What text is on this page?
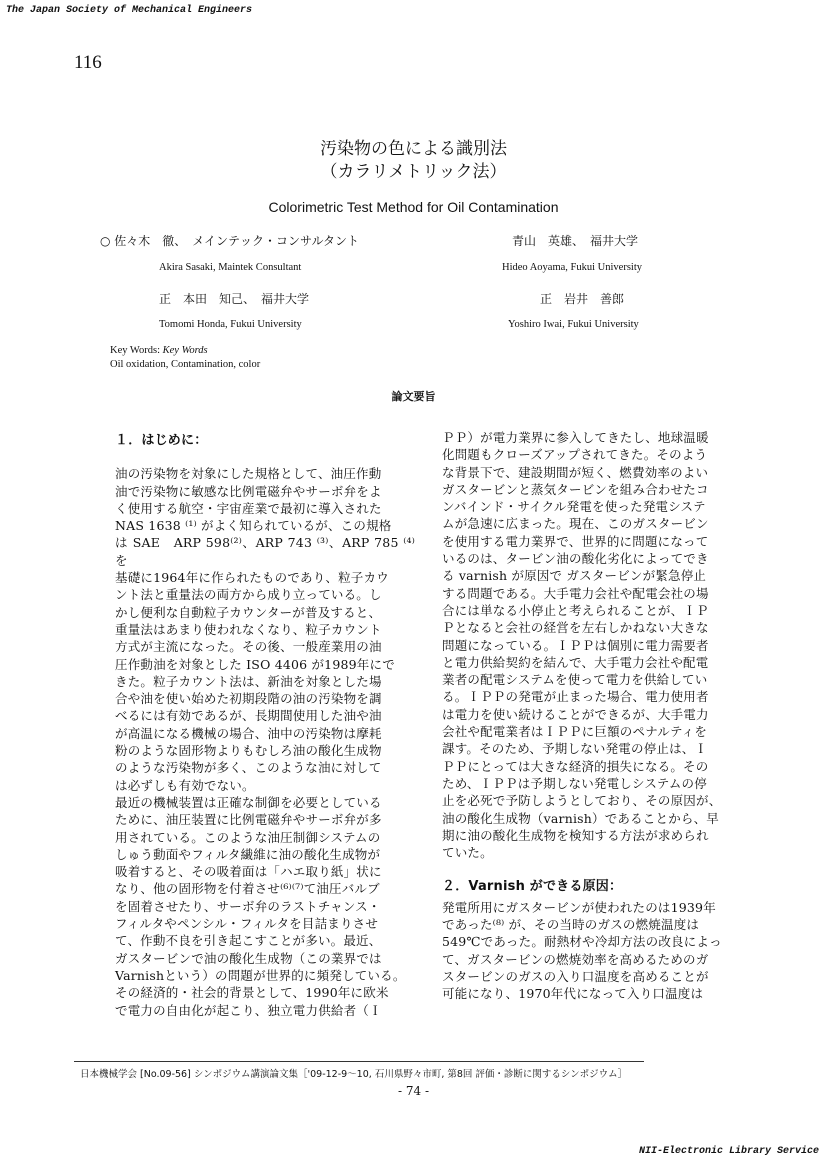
The Japan Society of Mechanical Engineers
116
汚染物の色による識別法
（カラリメトリック法）
Colorimetric Test Method for Oil Contamination
○ 佐々木　徹、　メインテック・コンサルタント
Akira Sasaki, Maintek Consultant
青山　英雄、　福井大学
Hideo Aoyama, Fukui University
正　本田　知己、　福井大学
Tomomi Honda, Fukui University
正　岩井　善郎
Yoshiro Iwai, Fukui University
Key Words: Key Words
Oil oxidation, Contamination, color
論文要旨
１．はじめに：

油の汚染物を対象にした規格として、油圧作動

油で汚染物に敏感な比例電磁弁やサーボ弁をよ

く使用する航空・宇宙産業で最初に導入された

NAS 1638 ⁽¹⁾ がよく知られているが、この規格

は SAE　ARP 598⁽²⁾、ARP 743 ⁽³⁾、ARP 785 ⁽⁴⁾を

基礎に1964年に作られたものであり、粒子カウ

ント法と重量法の両方から成り立っている。し

かし便利な自動粒子カウンターが普及すると、

重量法はあまり使われなくなり、粒子カウント

方式が主流になった。その後、一般産業用の油

圧作動油を対象とした ISO 4406 が1989年にで

きた。粒子カウント法は、新油を対象とした場

合や油を使い始めた初期段階の油の汚染物を調

べるには有効であるが、長期間使用した油や油

が高温になる機械の場合、油中の汚染物は摩耗

粉のような固形物よりもむしろ油の酸化生成物

のような汚染物が多く、このような油に対して

は必ずしも有効でない。

最近の機械装置は正確な制御を必要としている

ために、油圧装置に比例電磁弁やサーボ弁が多

用されている。このような油圧制御システムの

しゅう動面やフィルタ繊維に油の酸化生成物が

吸着すると、その吸着面は「ハエ取り紙」状に

なり、他の固形物を付着させ⁽⁶⁾⁽⁷⁾て油圧バルブ

を固着させたり、サーボ弁のラストチャンス・

フィルタやペンシル・フィルタを目詰まりさせ

て、作動不良を引き起こすことが多い。最近、

ガスタービンで油の酸化生成物（この業界では

Varnishという）の問題が世界的に頻発している。

その経済的・社会的背景として、1990年に欧米

で電力の自由化が起こり、独立電力供給者（Ｉ

ＰＰ）が電力業界に参入してきたし、地球温暖

化問題もクローズアップされてきた。そのよう

な背景下で、建設期間が短く、燃費効率のよい

ガスタービンと蒸気タービンを組み合わせたコ

ンバインド・サイクル発電を使った発電システ

ムが急速に広まった。現在、このガスタービン

を使用する電力業界で、世界的に問題になって

いるのは、タービン油の酸化劣化によってでき

る varnish が原因で ガスタービンが緊急停止

する問題である。大手電力会社や配電会社の場

合には単なる小停止と考えられることが、ＩＰ

Ｐとなると会社の経営を左右しかねない大きな

問題になっている。ＩＰＰは個別に電力需要者

と電力供給契約を結んで、大手電力会社や配電

業者の配電システムを使って電力を供給してい

る。ＩＰＰの発電が止まった場合、電力使用者

は電力を使い続けることができるが、大手電力

会社や配電業者はＩＰＰに巨額のペナルティを

課す。そのため、予期しない発電の停止は、Ｉ

ＰＰにとっては大きな経済的損失になる。その

ため、ＩＰＰは予期しない発電しシステムの停

止を必死で予防しようとしており、その原因が、

油の酸化生成物（varnish）であることから、早

期に油の酸化生成物を検知する方法が求められ

ていた。

２．Varnish ができる原因：

発電所用にガスタービンが使われたのは1939年

であった⁽⁸⁾ が、その当時のガスの燃焼温度は

549℃であった。耐熱材や冷却方法の改良によっ

て、ガスタービンの燃焼効率を高めるためのガ

スタービンのガスの入り口温度を高めることが

可能になり、1970年代になって入り口温度は

日本機械学会 [No.09-56] シンポジウム講演論文集［'09-12-9〜10, 石川県野々市町, 第8回 評価・診断に関するシンポジウム］
- 74 -
NII-Electronic Library Service
